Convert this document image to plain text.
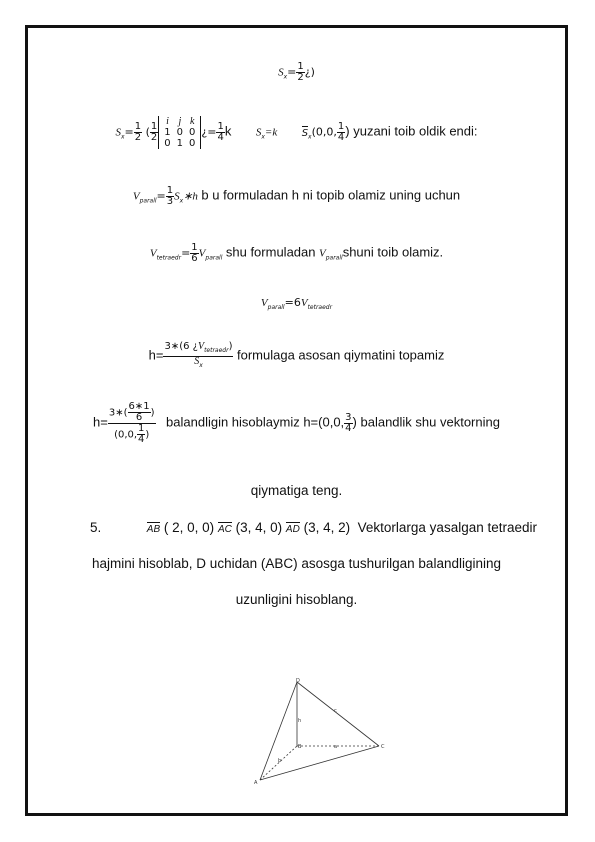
$S_x= \frac{1}{2}$ ¿)
$S_x= \frac{1}{2}$ ( $\frac{1}{2}$
i	j	k
1	0	0
0	1	0
¿= $\frac{1}{4}$ k $S_x=k$ $S_x(0,0$, $\frac{1}{4}$ ) yuzani toib oldik endi:
$V_{parall}= \frac{1}{3}$ $S_x∗h$ b u formuladan h ni topib olamiz uning uchun
$V_{tetraedr}= \frac{1}{6} V_{parall}$ shu formuladan $V_{parall}shuni$ toib olamiz.
$V_{parall}=6V_{tetraedr}$
$h= \frac{3∗(6 ¿V_{tetraedr})}{S_x}$ formulaga asosan qiymatini topamiz
$h= \frac{3∗( \frac{6∗1}{6} )}{(0,0, \frac{1}{4} )}$ balandligin hisoblaymiz h=(0,0, $\frac{3}{4}$ ) balandlik shu vektorning
qiymatiga teng.
5.	AB ( 2, 0, 0) AC (3, 4, 0) AD (3, 4, 2) Vektorlarga yasalgan tetraedir
hajmini hisoblab, D uchidan (ABC) asosga tushurilgan balandligining
uzunligini hisoblang.
D
A
B	C
h
a
b
c
